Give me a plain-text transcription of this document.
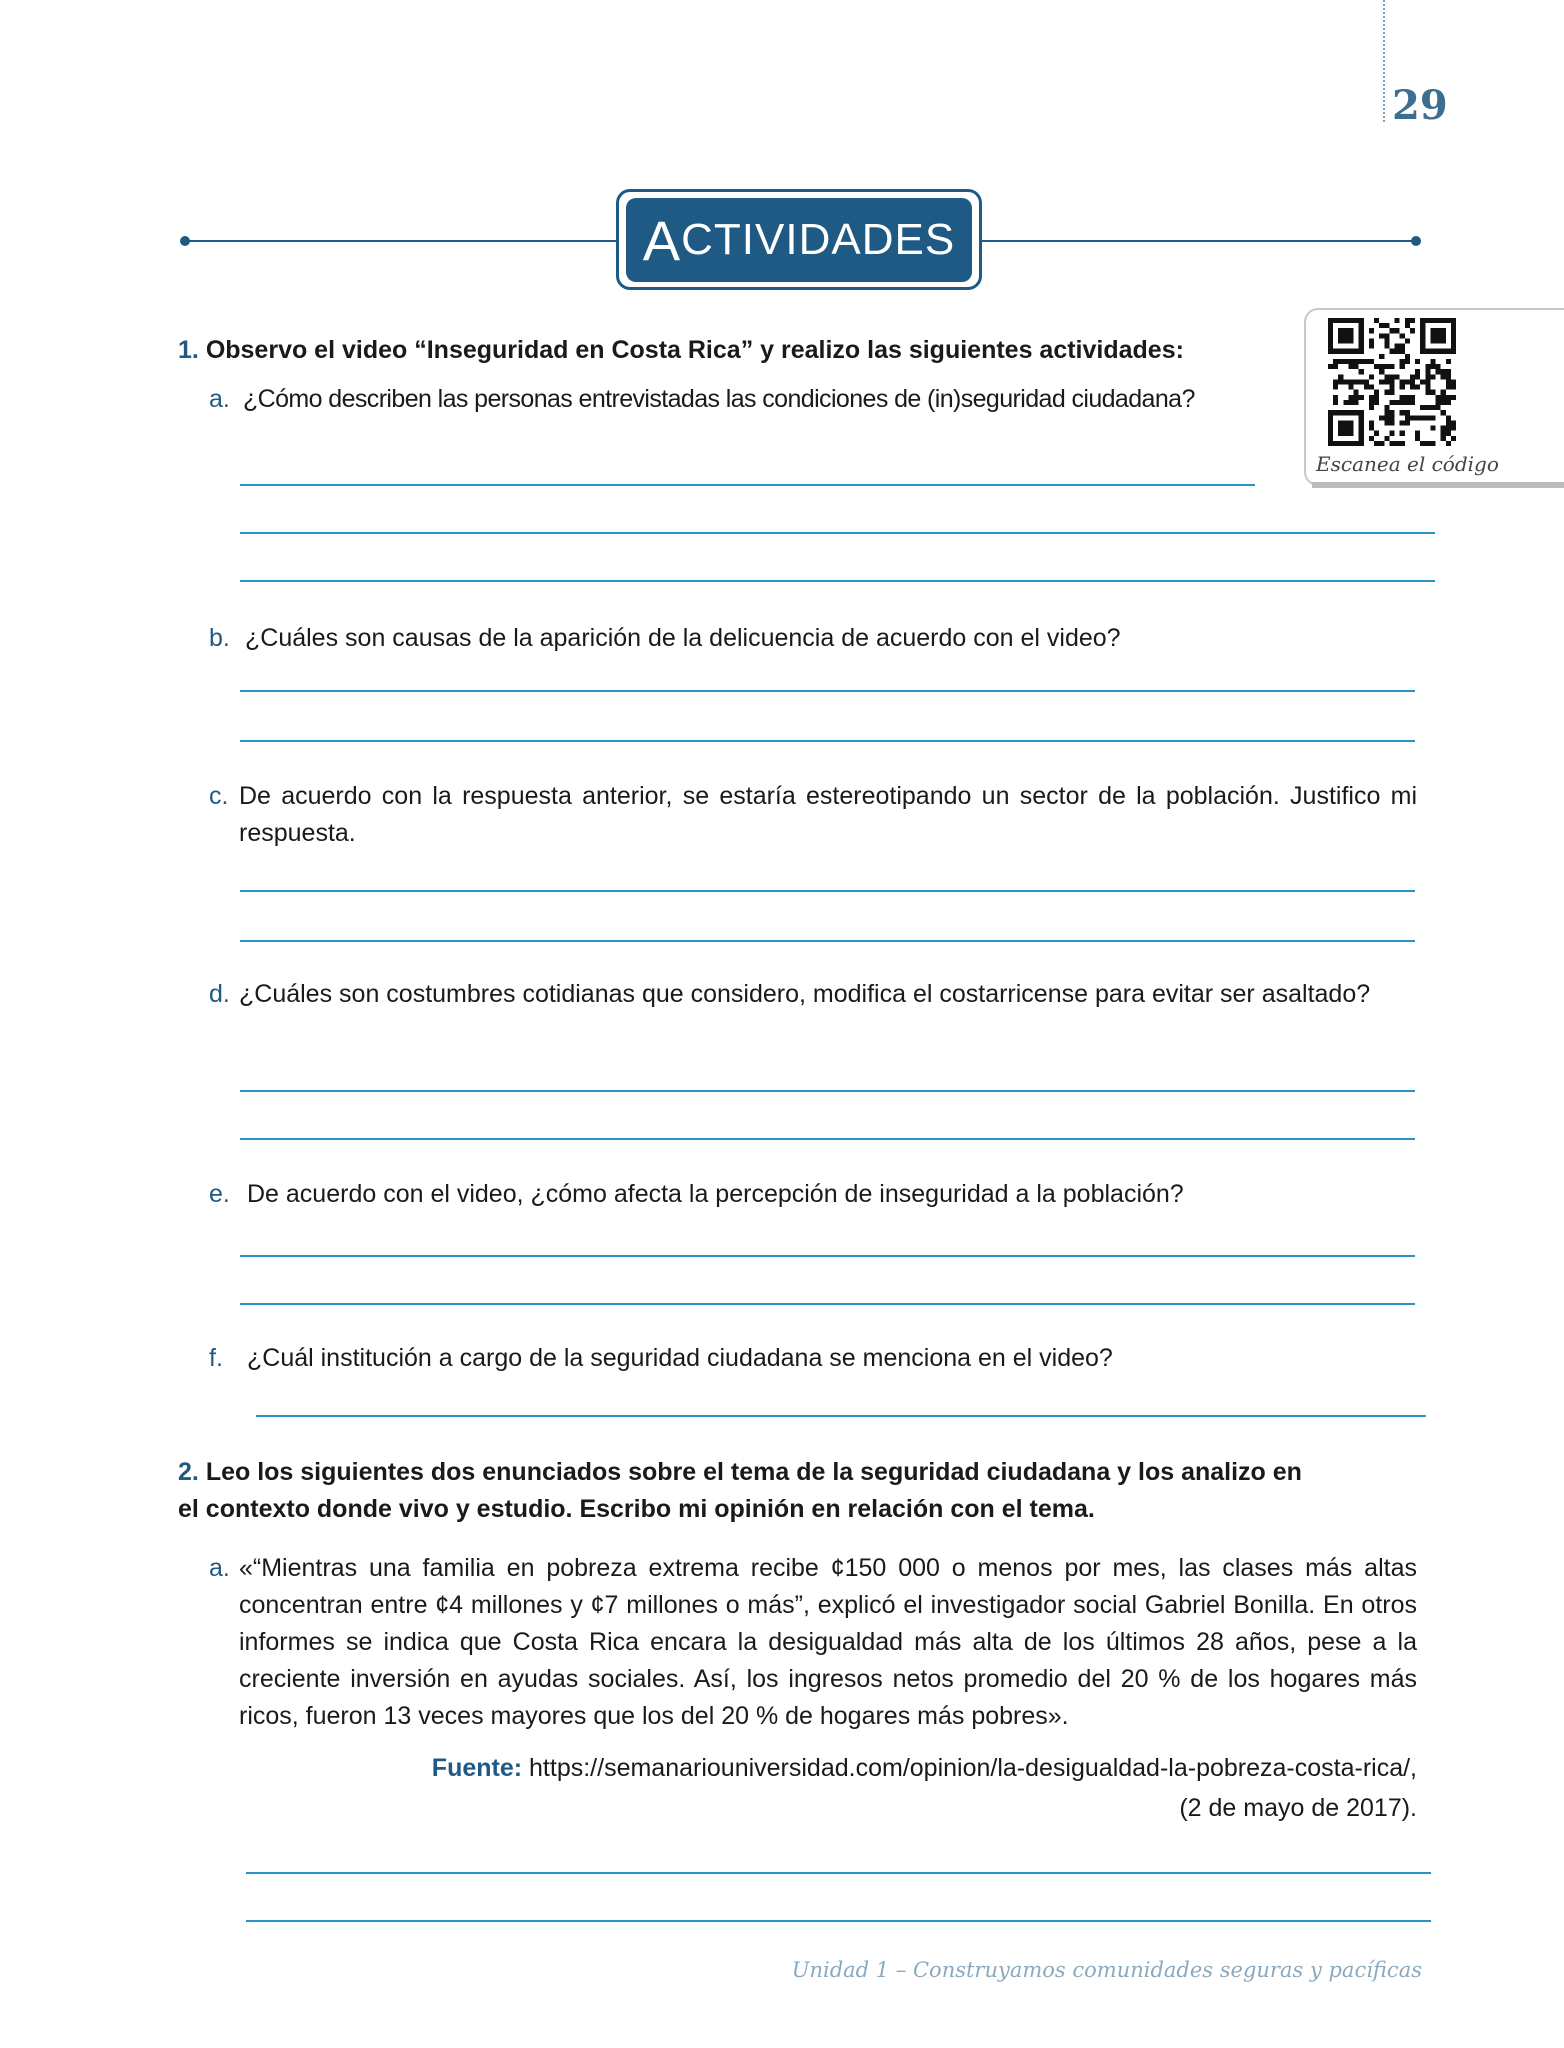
29
A CTIVIDADES
Escanea el código
1. Observo el video “Inseguridad en Costa Rica” y realizo las siguientes actividades:
a. ¿Cómo describen las personas entrevistadas las condiciones de (in)seguridad ciudadana?
b. ¿Cuáles son causas de la aparición de la delicuencia de acuerdo con el video?
c. De acuerdo con la respuesta anterior, se estaría estereotipando un sector de la población. Justifico mi respuesta.
d. ¿Cuáles son costumbres cotidianas que considero, modifica el costarricense para evitar ser asaltado?
e. De acuerdo con el video, ¿cómo afecta la percepción de inseguridad a la población?
f. ¿Cuál institución a cargo de la seguridad ciudadana se menciona en el video?
2. Leo los siguientes dos enunciados sobre el tema de la seguridad ciudadana y los analizo en el contexto donde vivo y estudio. Escribo mi opinión en relación con el tema.
a. «“Mientras una familia en pobreza extrema recibe ¢150 000 o menos por mes, las clases más altas concentran entre ¢4 millones y ¢7 millones o más”, explicó el investigador social Gabriel Bonilla. En otros informes se indica que Costa Rica encara la desigualdad más alta de los últimos 28 años, pese a la creciente inversión en ayudas sociales. Así, los ingresos netos promedio del 20 % de los hogares más ricos, fueron 13 veces mayores que los del 20 % de hogares más pobres».
Fuente: https://semanariouniversidad.com/opinion/la-desigualdad-la-pobreza-costa-rica/,
(2 de mayo de 2017).
Unidad 1 – Construyamos comunidades seguras y pacíficas
